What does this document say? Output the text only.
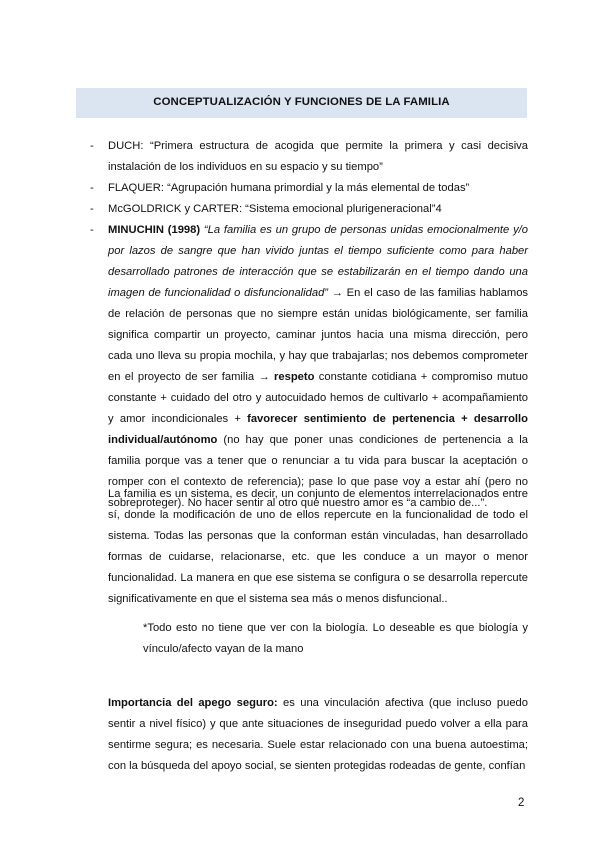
CONCEPTUALIZACIÓN Y FUNCIONES DE LA FAMILIA
- DUCH: “Primera estructura de acogida que permite la primera y casi decisiva instalación de los individuos en su espacio y su tiempo”
- FLAQUER: “Agrupación humana primordial y la más elemental de todas”
- McGOLDRICK y CARTER: “Sistema emocional plurigeneracional”4
- MINUCHIN (1998) “La familia es un grupo de personas unidas emocionalmente y/o por lazos de sangre que han vivido juntas el tiempo suficiente como para haber desarrollado patrones de interacción que se estabilizarán en el tiempo dando una imagen de funcionalidad o disfuncionalidad” → En el caso de las familias hablamos de relación de personas que no siempre están unidas biológicamente, ser familia significa compartir un proyecto, caminar juntos hacia una misma dirección, pero cada uno lleva su propia mochila, y hay que trabajarlas; nos debemos comprometer en el proyecto de ser familia → respeto constante cotidiana + compromiso mutuo constante + cuidado del otro y autocuidado hemos de cultivarlo + acompañamiento y amor incondicionales + favorecer sentimiento de pertenencia + desarrollo individual/autónomo (no hay que poner unas condiciones de pertenencia a la familia porque vas a tener que o renunciar a tu vida para buscar la aceptación o romper con el contexto de referencia); pase lo que pase voy a estar ahí (pero no sobreproteger). No hacer sentir al otro que nuestro amor es “a cambio de...”.

La familia es un sistema, es decir, un conjunto de elementos interrelacionados entre sí, donde la modificación de uno de ellos repercute en la funcionalidad de todo el sistema. Todas las personas que la conforman están vinculadas, han desarrollado formas de cuidarse, relacionarse, etc. que les conduce a un mayor o menor funcionalidad. La manera en que ese sistema se configura o se desarrolla repercute significativamente en que el sistema sea más o menos disfuncional..

*Todo esto no tiene que ver con la biología. Lo deseable es que biología y vínculo/afecto vayan de la mano

Importancia del apego seguro: es una vinculación afectiva (que incluso puedo sentir a nivel físico) y que ante situaciones de inseguridad puedo volver a ella para sentirme segura; es necesaria. Suele estar relacionado con una buena autoestima; con la búsqueda del apoyo social, se sienten protegidas rodeadas de gente, confían

2
